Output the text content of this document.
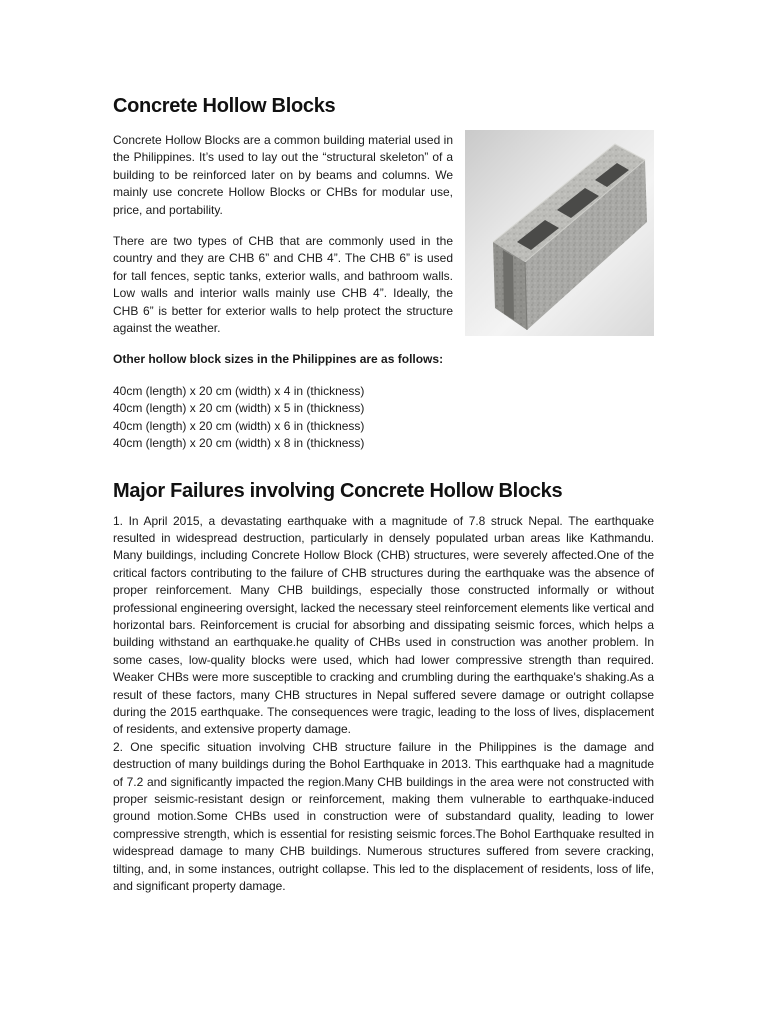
Concrete Hollow Blocks

Concrete Hollow Blocks are a common building material used in the Philippines. It’s used to lay out the “structural skeleton” of a building to be reinforced later on by beams and columns. We mainly use concrete Hollow Blocks or CHBs for modular use, price, and portability.

There are two types of CHB that are commonly used in the country and they are CHB 6” and CHB 4”. The CHB 6” is used for tall fences, septic tanks, exterior walls, and bathroom walls. Low walls and interior walls mainly use CHB 4”. Ideally, the CHB 6” is better for exterior walls to help protect the structure against the weather.

Other hollow block sizes in the Philippines are as follows:

40cm (length) x 20 cm (width) x 4 in (thickness)

40cm (length) x 20 cm (width) x 5 in (thickness)

40cm (length) x 20 cm (width) x 6 in (thickness)

40cm (length) x 20 cm (width) x 8 in (thickness)

Major Failures involving Concrete Hollow Blocks

1. In April 2015, a devastating earthquake with a magnitude of 7.8 struck Nepal. The earthquake resulted in widespread destruction, particularly in densely populated urban areas like Kathmandu. Many buildings, including Concrete Hollow Block (CHB) structures, were severely affected.One of the critical factors contributing to the failure of CHB structures during the earthquake was the absence of proper reinforcement. Many CHB buildings, especially those constructed informally or without professional engineering oversight, lacked the necessary steel reinforcement elements like vertical and horizontal bars. Reinforcement is crucial for absorbing and dissipating seismic forces, which helps a building withstand an earthquake.he quality of CHBs used in construction was another problem. In some cases, low-quality blocks were used, which had lower compressive strength than required. Weaker CHBs were more susceptible to cracking and crumbling during the earthquake's shaking.As a result of these factors, many CHB structures in Nepal suffered severe damage or outright collapse during the 2015 earthquake. The consequences were tragic, leading to the loss of lives, displacement of residents, and extensive property damage.

2. One specific situation involving CHB structure failure in the Philippines is the damage and destruction of many buildings during the Bohol Earthquake in 2013. This earthquake had a magnitude of 7.2 and significantly impacted the region.Many CHB buildings in the area were not constructed with proper seismic-resistant design or reinforcement, making them vulnerable to earthquake-induced ground motion.Some CHBs used in construction were of substandard quality, leading to lower compressive strength, which is essential for resisting seismic forces.The Bohol Earthquake resulted in widespread damage to many CHB buildings. Numerous structures suffered from severe cracking, tilting, and, in some instances, outright collapse. This led to the displacement of residents, loss of life, and significant property damage.
